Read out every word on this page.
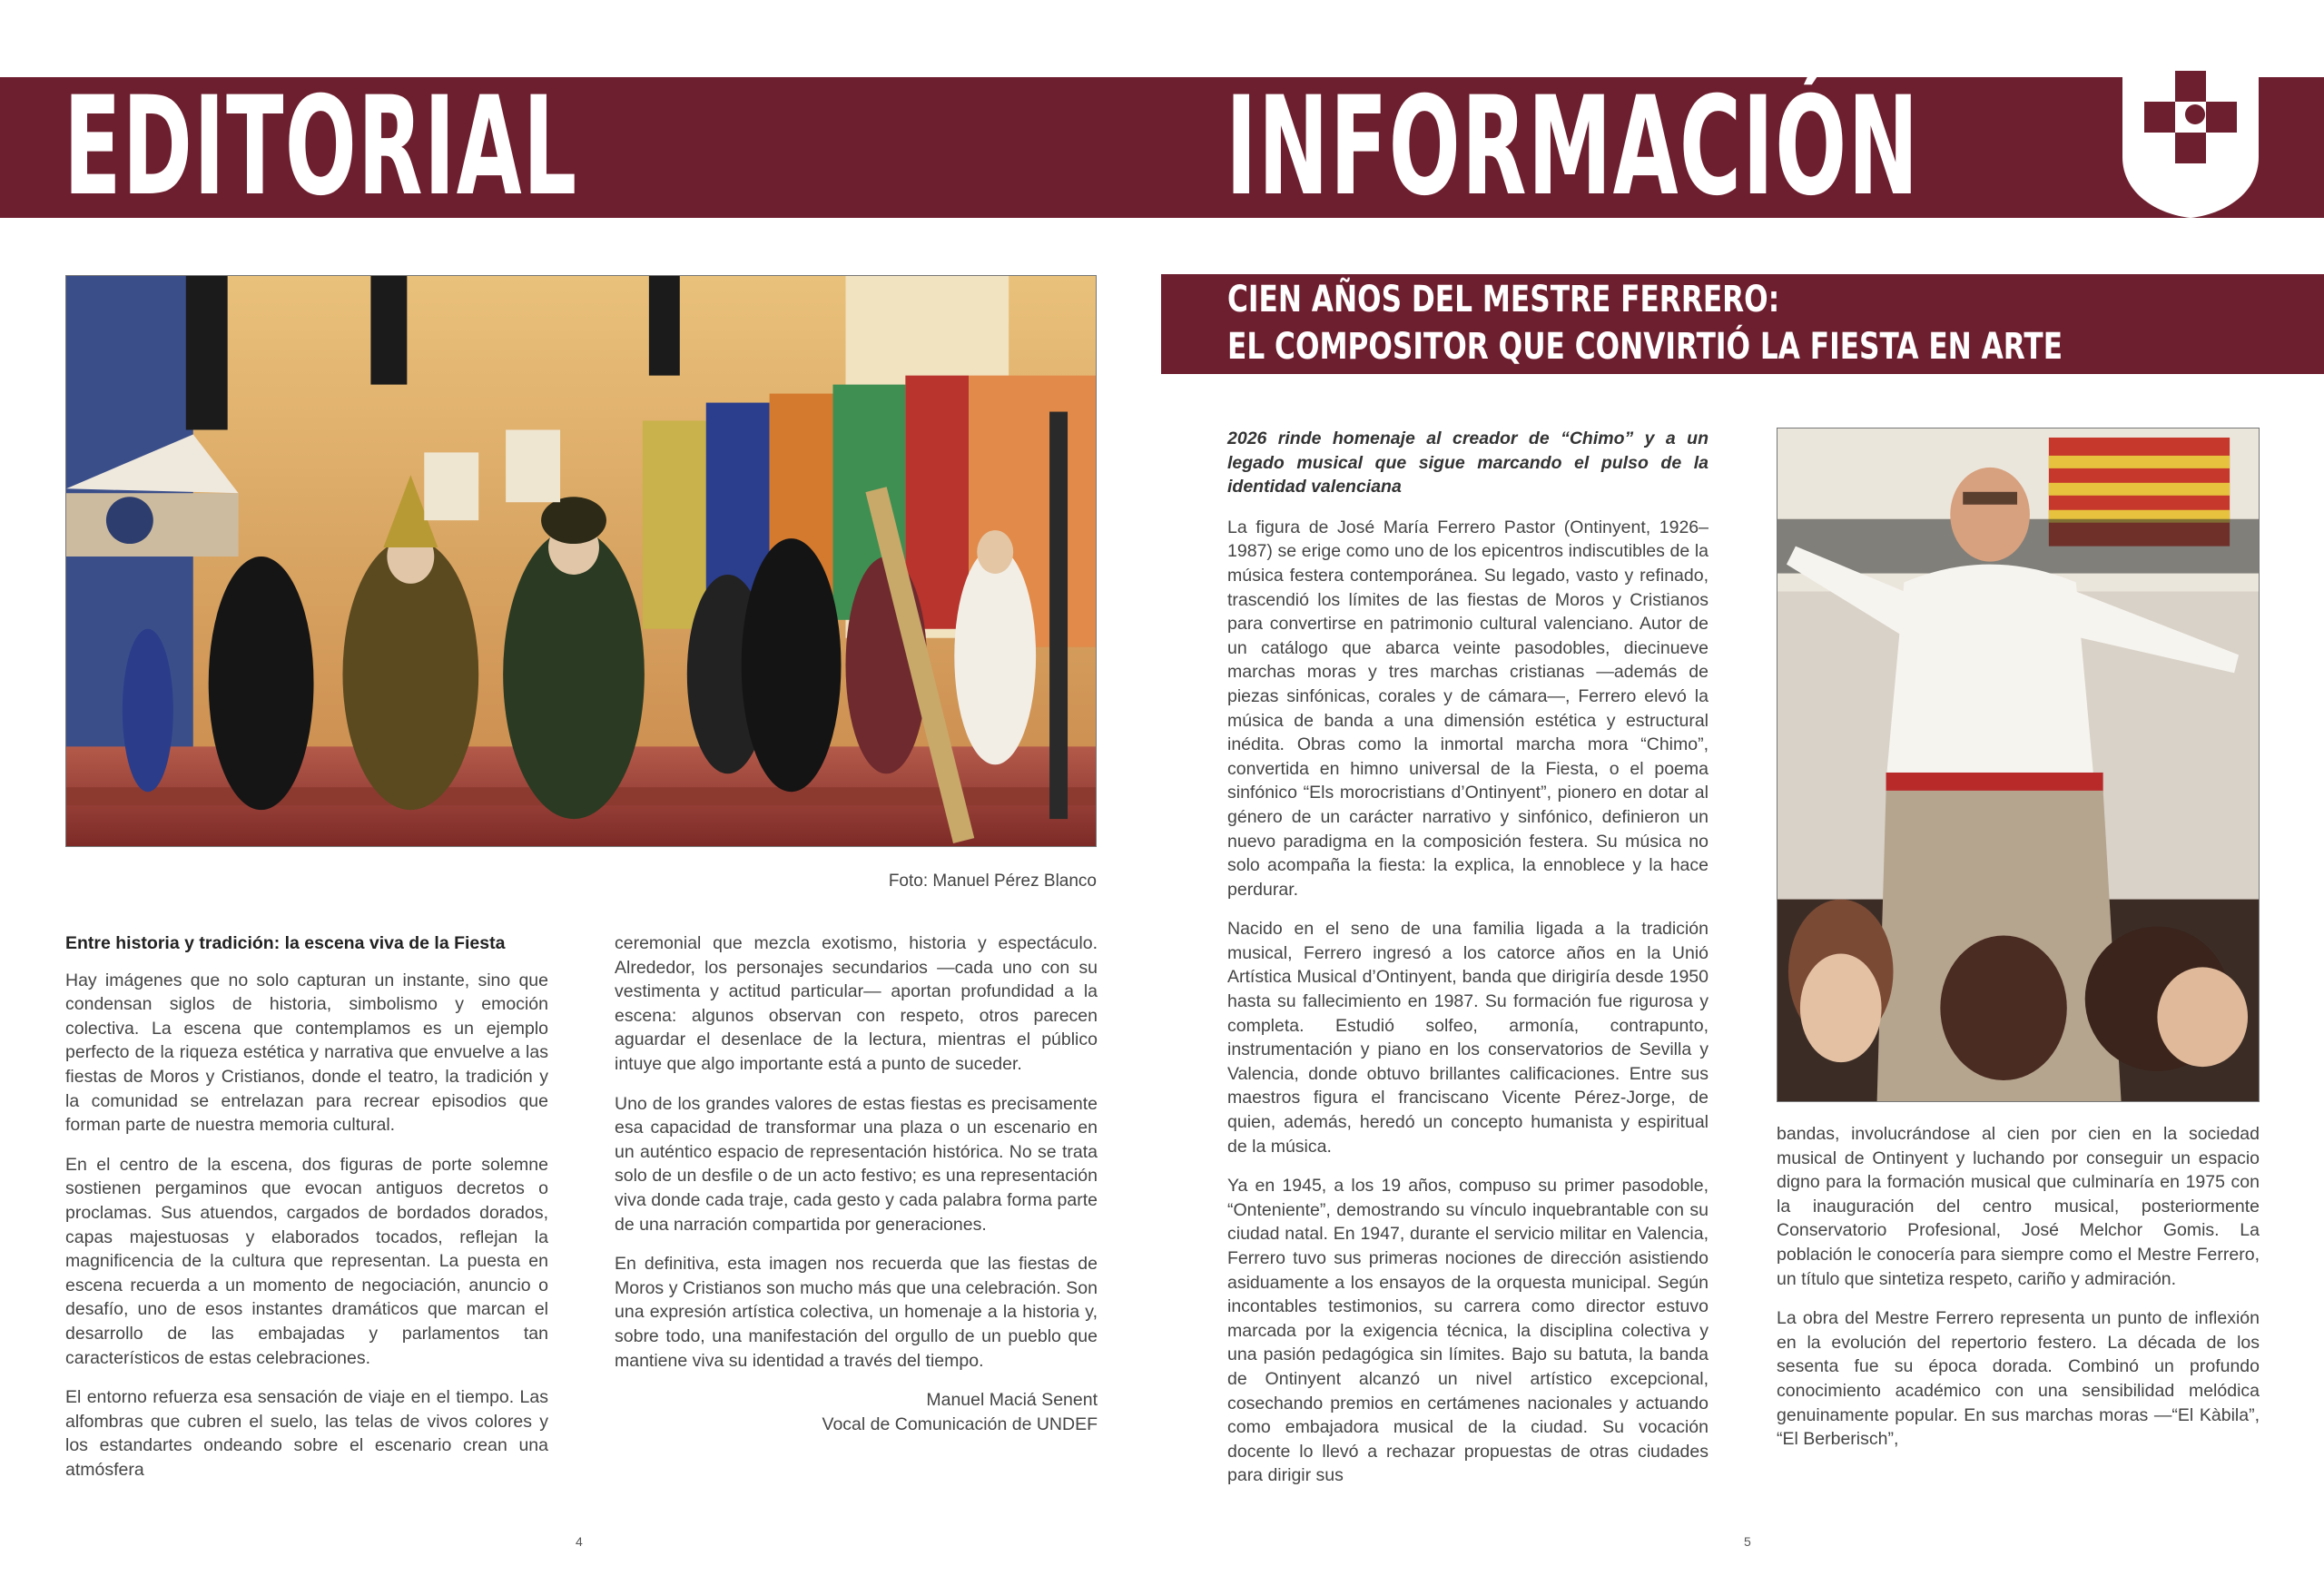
EDITORIAL	INFORMACIÓN
Foto: Manuel Pérez Blanco
Entre historia y tradición: la escena viva de la Fiesta

Hay imágenes que no solo capturan un instante, sino que condensan siglos de historia, simbolismo y emoción colectiva. La escena que contemplamos es un ejemplo perfecto de la riqueza estética y narrativa que envuelve a las fiestas de Moros y Cristianos, donde el teatro, la tradición y la comunidad se entrelazan para recrear episodios que forman parte de nuestra memoria cultural.

En el centro de la escena, dos figuras de porte solemne sostienen pergaminos que evocan antiguos decretos o proclamas. Sus atuendos, cargados de bordados dorados, capas majestuosas y elaborados tocados, reflejan la magnificencia de la cultura que representan. La puesta en escena recuerda a un momento de negociación, anuncio o desafío, uno de esos instantes dramáticos que marcan el desarrollo de las embajadas y parlamentos tan característicos de estas celebraciones.

El entorno refuerza esa sensación de viaje en el tiempo. Las alfombras que cubren el suelo, las telas de vivos colores y los estandartes ondeando sobre el escenario crean una atmósfera

ceremonial que mezcla exotismo, historia y espectáculo. Alrededor, los personajes secundarios —cada uno con su vestimenta y actitud particular— aportan profundidad a la escena: algunos observan con respeto, otros parecen aguardar el desenlace de la lectura, mientras el público intuye que algo importante está a punto de suceder.

Uno de los grandes valores de estas fiestas es precisamente esa capacidad de transformar una plaza o un escenario en un auténtico espacio de representación histórica. No se trata solo de un desfile o de un acto festivo; es una representación viva donde cada traje, cada gesto y cada palabra forma parte de una narración compartida por generaciones.

En definitiva, esta imagen nos recuerda que las fiestas de Moros y Cristianos son mucho más que una celebración. Son una expresión artística colectiva, un homenaje a la historia y, sobre todo, una manifestación del orgullo de un pueblo que mantiene viva su identidad a través del tiempo.

Manuel Maciá Senent

Vocal de Comunicación de UNDEF

CIEN AÑOS DEL MESTRE FERRERO:
EL COMPOSITOR QUE CONVIRTIÓ LA FIESTA EN ARTE

2026 rinde homenaje al creador de “Chimo” y a un legado musical que sigue marcando el pulso de la identidad valenciana

La figura de José María Ferrero Pastor (Ontinyent, 1926–1987) se erige como uno de los epicentros indiscutibles de la música festera contemporánea. Su legado, vasto y refinado, trascendió los límites de las fiestas de Moros y Cristianos para convertirse en patrimonio cultural valenciano. Autor de un catálogo que abarca veinte pasodobles, diecinueve marchas moras y tres marchas cristianas —además de piezas sinfónicas, corales y de cámara—, Ferrero elevó la música de banda a una dimensión estética y estructural inédita. Obras como la inmortal marcha mora “Chimo”, convertida en himno universal de la Fiesta, o el poema sinfónico “Els morocristians d’Ontinyent”, pionero en dotar al género de un carácter narrativo y sinfónico, definieron un nuevo paradigma en la composición festera. Su música no solo acompaña la fiesta: la explica, la ennoblece y la hace perdurar.

Nacido en el seno de una familia ligada a la tradición musical, Ferrero ingresó a los catorce años en la Unió Artística Musical d’Ontinyent, banda que dirigiría desde 1950 hasta su fallecimiento en 1987. Su formación fue rigurosa y completa. Estudió solfeo, armonía, contrapunto, instrumentación y piano en los conservatorios de Sevilla y Valencia, donde obtuvo brillantes calificaciones. Entre sus maestros figura el franciscano Vicente Pérez-Jorge, de quien, además, heredó un concepto humanista y espiritual de la música.

Ya en 1945, a los 19 años, compuso su primer pasodoble, “Onteniente”, demostrando su vínculo inquebrantable con su ciudad natal. En 1947, durante el servicio militar en Valencia, Ferrero tuvo sus primeras nociones de dirección asistiendo asiduamente a los ensayos de la orquesta municipal. Según incontables testimonios, su carrera como director estuvo marcada por la exigencia técnica, la disciplina colectiva y una pasión pedagógica sin límites. Bajo su batuta, la banda de Ontinyent alcanzó un nivel artístico excepcional, cosechando premios en certámenes nacionales y actuando como embajadora musical de la ciudad. Su vocación docente lo llevó a rechazar propuestas de otras ciudades para dirigir sus

bandas, involucrándose al cien por cien en la sociedad musical de Ontinyent y luchando por conseguir un espacio digno para la formación musical que culminaría en 1975 con la inauguración del centro musical, posteriormente Conservatorio Profesional, José Melchor Gomis. La población le conocería para siempre como el Mestre Ferrero, un título que sintetiza respeto, cariño y admiración.

La obra del Mestre Ferrero representa un punto de inflexión en la evolución del repertorio festero. La década de los sesenta fue su época dorada. Combinó un profundo conocimiento académico con una sensibilidad melódica genuinamente popular. En sus marchas moras —“El Kàbila”, “El Berberisch”,

4	5
